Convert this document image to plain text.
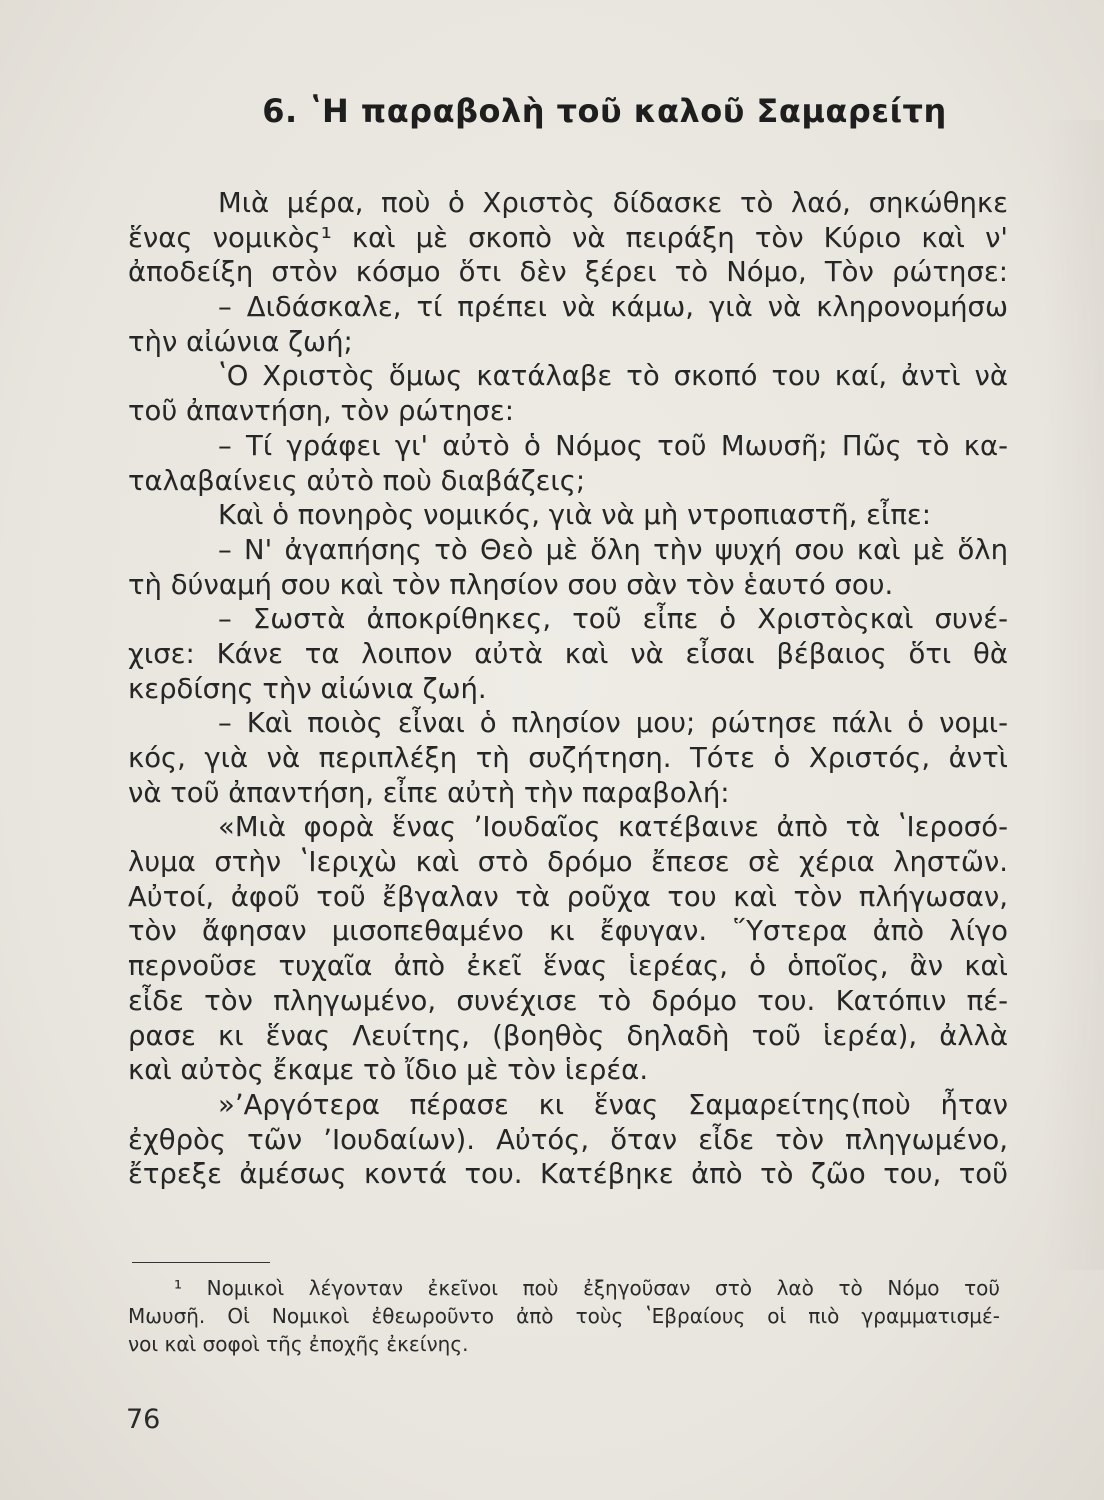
6. ʽΗ παραβολὴ τοῦ καλοῦ Σαμαρείτη
Μιὰ μέρα, ποὺ ὁ Χριστὸς δίδασκε τὸ λαό, σηκώθηκε
ἕνας νομικὸς¹ καὶ μὲ σκοπὸ νὰ πειράξη τὸν Κύριο καὶ ν'
ἀποδείξη στὸν κόσμο ὅτι δὲν ξέρει τὸ Νόμο, Τὸν ρώτησε:
– Διδάσκαλε, τί πρέπει νὰ κάμω, γιὰ νὰ κληρονομήσω
τὴν αἰώνια ζωή;
ʽΟ Χριστὸς ὅμως κατάλαβε τὸ σκοπό του καί, ἀντὶ νὰ
τοῦ ἀπαντήση, τὸν ρώτησε:
– Τί γράφει γι' αὐτὸ ὁ Νόμος τοῦ Μωυσῆ; Πῶς τὸ κα-
ταλαβαίνεις αὐτὸ ποὺ διαβάζεις;
Καὶ ὁ πονηρὸς νομικός, γιὰ νὰ μὴ ντροπιαστῆ, εἶπε:
– Ν' ἀγαπήσης τὸ Θεὸ μὲ ὅλη τὴν ψυχή σου καὶ μὲ ὅλη
τὴ δύναμή σου καὶ τὸν πλησίον σου σὰν τὸν ἑαυτό σου.
– Σωστὰ ἀποκρίθηκες, τοῦ εἶπε ὁ Χριστὸςκαὶ συνέ-
χισε: Κάνε τα λοιπον αὐτὰ καὶ νὰ εἶσαι βέβαιος ὅτι θὰ
κερδίσης τὴν αἰώνια ζωή.
– Καὶ ποιὸς εἶναι ὁ πλησίον μου; ρώτησε πάλι ὁ νομι-
κός, γιὰ νὰ περιπλέξη τὴ συζήτηση. Τότε ὁ Χριστός, ἀντὶ
νὰ τοῦ ἀπαντήση, εἶπε αὐτὴ τὴν παραβολή:
«Μιὰ φορὰ ἕνας ʼΙουδαῖος κατέβαινε ἀπὸ τὰ ʽΙεροσό-
λυμα στὴν ʽΙεριχὼ καὶ στὸ δρόμο ἔπεσε σὲ χέρια ληστῶν.
Αὐτοί, ἀφοῦ τοῦ ἔβγαλαν τὰ ροῦχα του καὶ τὸν πλήγωσαν,
τὸν ἄφησαν μισοπεθαμένο κι ἔφυγαν. ῞Υστερα ἀπὸ λίγο
περνοῦσε τυχαῖα ἀπὸ ἐκεῖ ἕνας ἱερέας, ὁ ὁποῖος, ἂν καὶ
εἶδε τὸν πληγωμένο, συνέχισε τὸ δρόμο του. Κατόπιν πέ-
ρασε κι ἕνας Λευίτης, (βοηθὸς δηλαδὴ τοῦ ἱερέα), ἀλλὰ
καὶ αὐτὸς ἔκαμε τὸ ἴδιο μὲ τὸν ἱερέα.
»ʼΑργότερα πέρασε κι ἕνας Σαμαρείτης(ποὺ ἦταν
ἐχθρὸς τῶν ʼΙουδαίων). Αὐτός, ὅταν εἶδε τὸν πληγωμένο,
ἔτρεξε ἀμέσως κοντά του. Κατέβηκε ἀπὸ τὸ ζῶο του, τοῦ
¹ Νομικοὶ λέγονταν ἐκεῖνοι ποὺ ἐξηγοῦσαν στὸ λαὸ τὸ Νόμο τοῦ
Μωυσῆ. Οἱ Νομικοὶ ἐθεωροῦντο ἀπὸ τοὺς ʽΕβραίους οἱ πιὸ γραμματισμέ-
νοι καὶ σοφοὶ τῆς ἐποχῆς ἐκείνης.
76
